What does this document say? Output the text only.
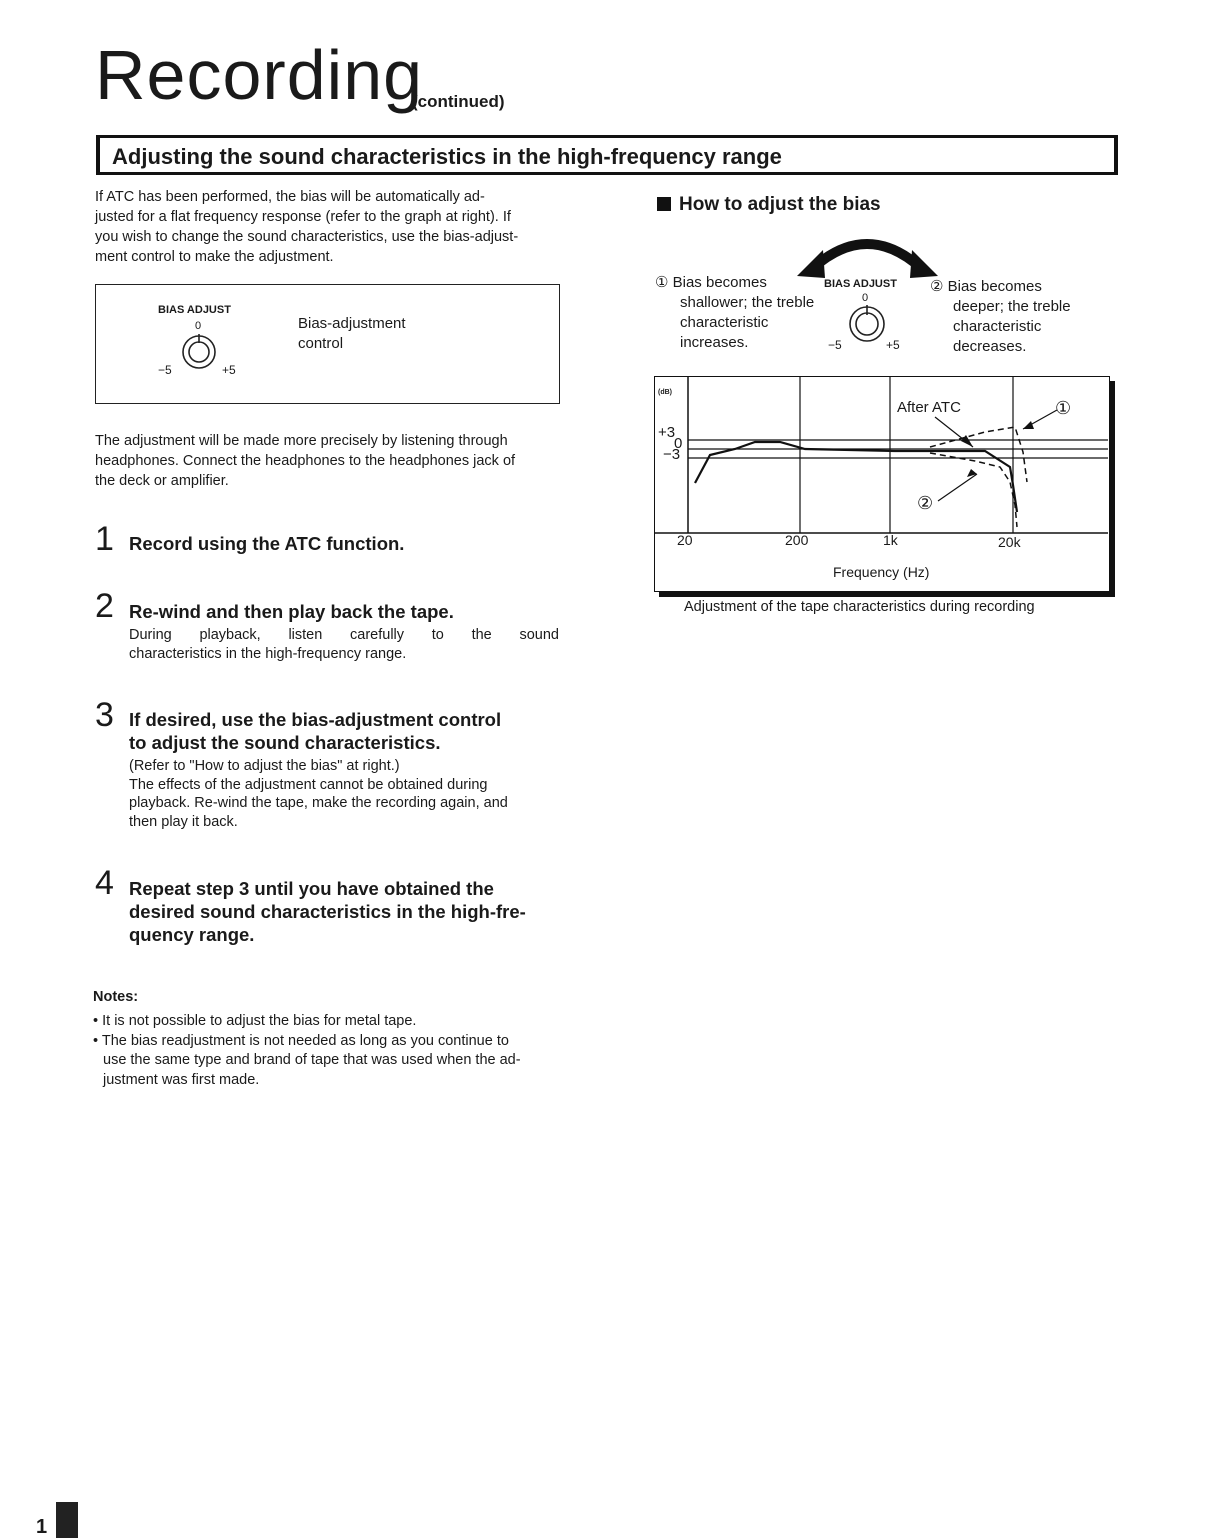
Recording
(continued)
Adjusting the sound characteristics in the high-frequency range
If ATC has been performed, the bias will be automatically ad-
justed for a flat frequency response (refer to the graph at right). If
you wish to change the sound characteristics, use the bias-adjust-
ment control to make the adjustment.
BIAS ADJUST
0
−5	+5
Bias-adjustment
control
The adjustment will be made more precisely by listening through
headphones. Connect the headphones to the headphones jack of
the deck or amplifier.
1 Record using the ATC function.
2 Re-wind and then play back the tape.
During playback, listen carefully to the sound
characteristics in the high-frequency range.
3 If desired, use the bias-adjustment control
to adjust the sound characteristics.
(Refer to "How to adjust the bias" at right.)
The effects of the adjustment cannot be obtained during
playback. Re-wind the tape, make the recording again, and
then play it back.
4 Repeat step 3 until you have obtained the
desired sound characteristics in the high-fre-
quency range.
Notes:
• It is not possible to adjust the bias for metal tape.
• The bias readjustment is not needed as long as you continue to
use the same type and brand of tape that was used when the ad-
justment was first made.
How to adjust the bias
① Bias becomes
shallower; the treble
characteristic
increases.
BIAS ADJUST
0
−5	+5
② Bias becomes
deeper; the treble
characteristic
decreases.
(dB)
+3
0
−3
After ATC	①
②
20	200	1k	20k
Frequency (Hz)
Adjustment of the tape characteristics during recording
1
